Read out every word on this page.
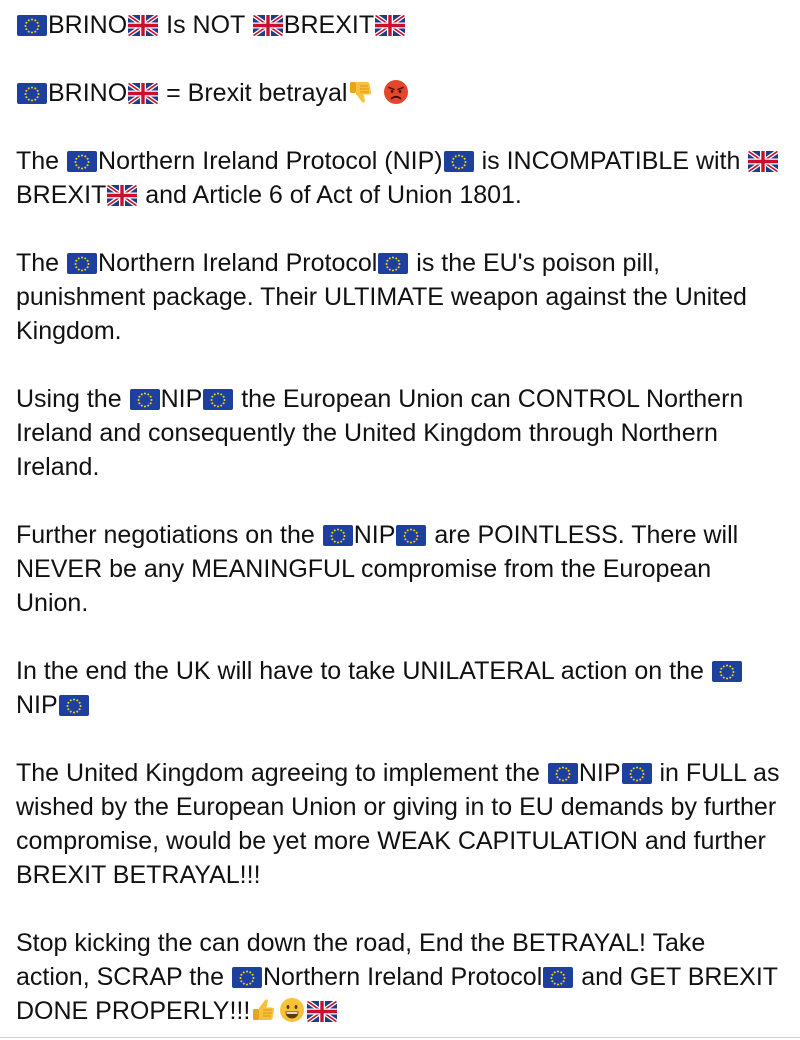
BRINO
Is NOT
BREXIT

BRINO
= Brexit betrayal

The
Northern Ireland Protocol (NIP)
is INCOMPATIBLE with
BREXIT
and Article 6 of Act of Union 1801.

The
Northern Ireland Protocol
is the EU's poison pill, punishment package. Their ULTIMATE weapon against the United Kingdom.

Using the
NIP
the European Union can CONTROL Northern Ireland and consequently the United Kingdom through Northern Ireland.

Further negotiations on the
NIP
are POINTLESS. There will NEVER be any MEANINGFUL compromise from the European Union.

In the end the UK will have to take UNILATERAL action on the
NIP

The United Kingdom agreeing to implement the
NIP
in FULL as wished by the European Union or giving in to EU demands by further compromise, would be yet more WEAK CAPITULATION and further BREXIT BETRAYAL!!!

Stop kicking the can down the road, End the BETRAYAL! Take action, SCRAP the
Northern Ireland Protocol
and GET BREXIT DONE PROPERLY!!!
